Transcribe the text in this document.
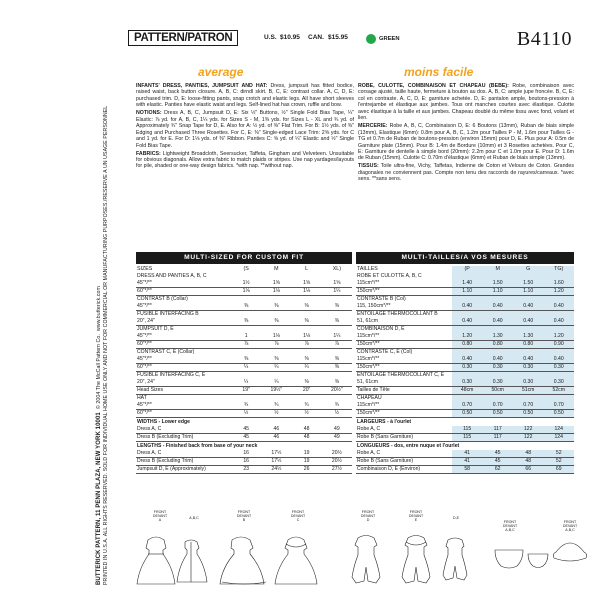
BUTTERICK PATTERN, 11 PENN PLAZA, NEW YORK 10001  © 2004 The McCall Pattern Co.  www.butterick.com
PRINTED IN U.S.A. ALL RIGHTS RESERVED. SOLD FOR INDIVIDUAL HOME USE ONLY AND NOT FOR COMMERCIAL OR MANUFACTURING PURPOSES./RESERVE A UN USAGE PERSONNEL
PATTERN/PATRON	U.S. $10.95 CAN. $15.95	GREEN	B4110
average	moins facile

INFANTS' DRESS, PANTIES, JUMPSUIT AND HAT: Dress, jumpsuit has fitted bodice, raised waist, back button closure. A, B, C: dirndl skirt. B, C, E: contrast collar. A, C, D, E: purchased trim. D, E: loose-fitting pants, snap crotch and elastic legs. All have short sleeves with elastic. Panties have elastic waist and legs. Self-lined hat has crown, ruffle and bow.

NOTIONS: Dress A, B, C, Jumpsuit D, E: Six ½" Buttons, ½" Single Fold Bias Tape, ¼" Elastic: ⅞ yd. for A, B, C, 1¼ yds. for Sizes S - M, 1⅜ yds. for Sizes L - XL and ¾ yd. of Approximately ¾" Snap Tape for D, E. Also for A: ½ yd. of ⅜" Flat Trim. For B: 1½ yds. of ⅜" Edging and Purchased Three Rosettes. For C, E: ⅜" Single-edged Lace Trim: 2⅝ yds. for C and 1 yd. for E. For D: 1⅛ yds. of ⅜" Ribbon. Panties C: ⅝ yd. of ¼" Elastic and ½" Single Fold Bias Tape.

FABRICS: Lightweight Broadcloth, Seersucker, Taffeta, Gingham and Velveteen. Unsuitable for obvious diagonals. Allow extra fabric to match plaids or stripes. Use nap yardages/layouts for pile, shaded or one-way design fabrics. *with nap. **without nap.

ROBE, CULOTTE, COMBINAISON ET CHAPEAU (BEBE): Robe, combinaison avec corsage ajusté, taille haute, fermeture à bouton au dos. A, B, C: ample jupe froncée. B, C, E: col en contraste. A, C, D, E: garniture achetée. D, E: pantalon ample, boutons-pression à l'entrejambe et élastique aux jambes. Tous ont manches courtes avec élastique. Culotte avec élastique à la taille et aux jambes. Chapeau doublé du même tissu avec fond, volant et lien.

MERCERIE: Robe A, B, C, Combinaison D, E: 6 Boutons (13mm), Ruban de biais simple (13mm), Elastique (6mm): 0.8m pour A, B, C, 1.2m pour Tailles P - M, 1.6m pour Tailles G - TG et 0.7m de Ruban de boutons-pression (environ 15mm) pour D, E. Plus pour A: 0.5m de Garniture plate (15mm). Pour B: 1.4m de Bordure (10mm) et 3 Rosettes achetées. Pour C, E: Garniture de dentelle à simple bord (20mm): 2.2m pour C et 1.0m pour E. Pour D: 1.6m de Ruban (15mm). Culotte C: 0.70m d'élastique (6mm) et Ruban de biais simple (13mm).

TISSUS: Toile ultra-fine, Vichy, Taffetas, Indienne de Coton et Velours de Coton. Grandes diagonales ne conviennent pas. Compte non tenu des raccords de rayures/carreaux. *avec sens. **sans sens.

MULTI-SIZED FOR CUSTOM FIT	MULTI-TAILLES/A VOS MESURES
SIZES	(S	M	L	XL)
DRESS AND PANTIES A, B, C				
45"*/**	1½	1⅝	1⅝	1⅝
60"*/**	1⅛	1⅛	1⅛	1¼
CONTRAST B (Collar)				
45"*/**	⅜	⅜	⅜	⅜
FUSIBLE INTERFACING B				
20", 24"	⅜	⅜	⅜	⅜
JUMPSUIT D, E				
45"*/**	1	1⅛	1⅛	1¼
60"*/**	⅞	⅞	⅞	⅞
CONTRAST C, E (Collar)				
45"*/**	⅜	⅜	⅜	⅜
60"*/**	¼	¼	¼	⅜
FUSIBLE INTERFACING C, E				
20", 24"	¼	¼	⅜	⅜
Head Sizes	19"	19½"	20"	20½"
HAT				
45"*/**	¾	¾	¾	¾
60"*/**	½	½	½	½
WIDTHS - Lower edge				
Dress A, C	45	46	48	49
Dress B (Excluding Trim)	45	46	48	49
LENGTHS - Finished back from base of your neck				
Dress A, C	16	17½	19	20½
Dress B (Excluding Trim)	16	17½	19	20½
Jumpsuit D, E (Approximately)	23	24½	26	27½
TAILLES	(P	M	G	TG)
ROBE ET CULOTTE A, B, C				
115cm*/**	1.40	1.50	1.50	1.60
150cm*/**	1.10	1.10	1.10	1.20
CONTRASTE B (Col)				
115, 150cm*/**	0.40	0.40	0.40	0.40
ENTOILAGE THERMOCOLLANT B				
51, 61cm	0.40	0.40	0.40	0.40
COMBINAISON D, E				
115cm*/**	1.20	1.30	1.30	1.20
150cm*/**	0.80	0.80	0.80	0.90
CONTRASTE C, E (Col)				
115cm*/**	0.40	0.40	0.40	0.40
150cm*/**	0.30	0.30	0.30	0.30
ENTOILAGE THERMOCOLLANT C, E				
51, 61cm	0.30	0.30	0.30	0.30
Tailles de Tête	48cm	50cm	51cm	52cm
CHAPEAU				
115cm*/**	0.70	0.70	0.70	0.70
150cm*/**	0.50	0.50	0.50	0.50
LARGEURS - à l'ourlet				
Robe A, C	115	117	122	124
Robe B (Sans Garniture)	115	117	122	124
LONGUEURS - dos, entre nuque et l'ourlet				
Robe A, C	41	45	48	52
Robe B (Sans Garniture)	41	45	48	52
Combinaison D, E (Environ)	58	62	66	69
FRONT
DEVANT
A	A,B,C
FRONT
DEVANT
B
FRONT
DEVANT
C
FRONT
DEVANT
D
FRONT
DEVANT
E	D,E
FRONT
DEVANT
A,B,C
FRONT
DEVANT
A,B,C
